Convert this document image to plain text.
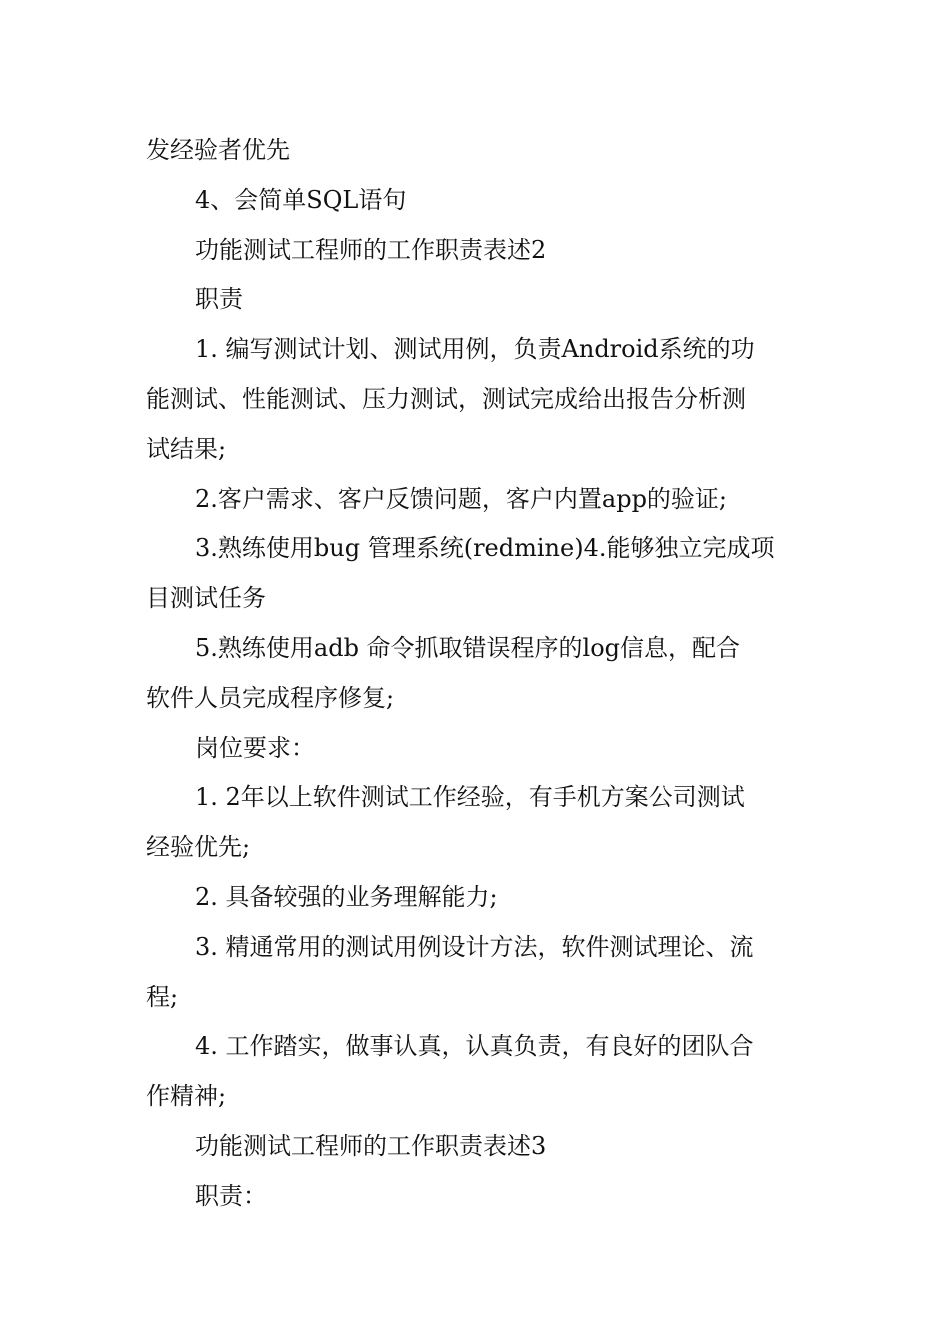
发经验者优先
4、会简单SQL语句
功能测试工程师的工作职责表述2
职责
1. 编写测试计划、测试用例，负责Android系统的功
能测试、性能测试、压力测试，测试完成给出报告分析测
试结果;
2.客户需求、客户反馈问题，客户内置app的验证;
3.熟练使用bug 管理系统(redmine)4.能够独立完成项
目测试任务
5.熟练使用adb 命令抓取错误程序的log信息，配合
软件人员完成程序修复;
岗位要求：
1. 2年以上软件测试工作经验，有手机方案公司测试
经验优先;
2. 具备较强的业务理解能力;
3. 精通常用的测试用例设计方法，软件测试理论、流
程;
4. 工作踏实，做事认真，认真负责，有良好的团队合
作精神;
功能测试工程师的工作职责表述3
职责：
